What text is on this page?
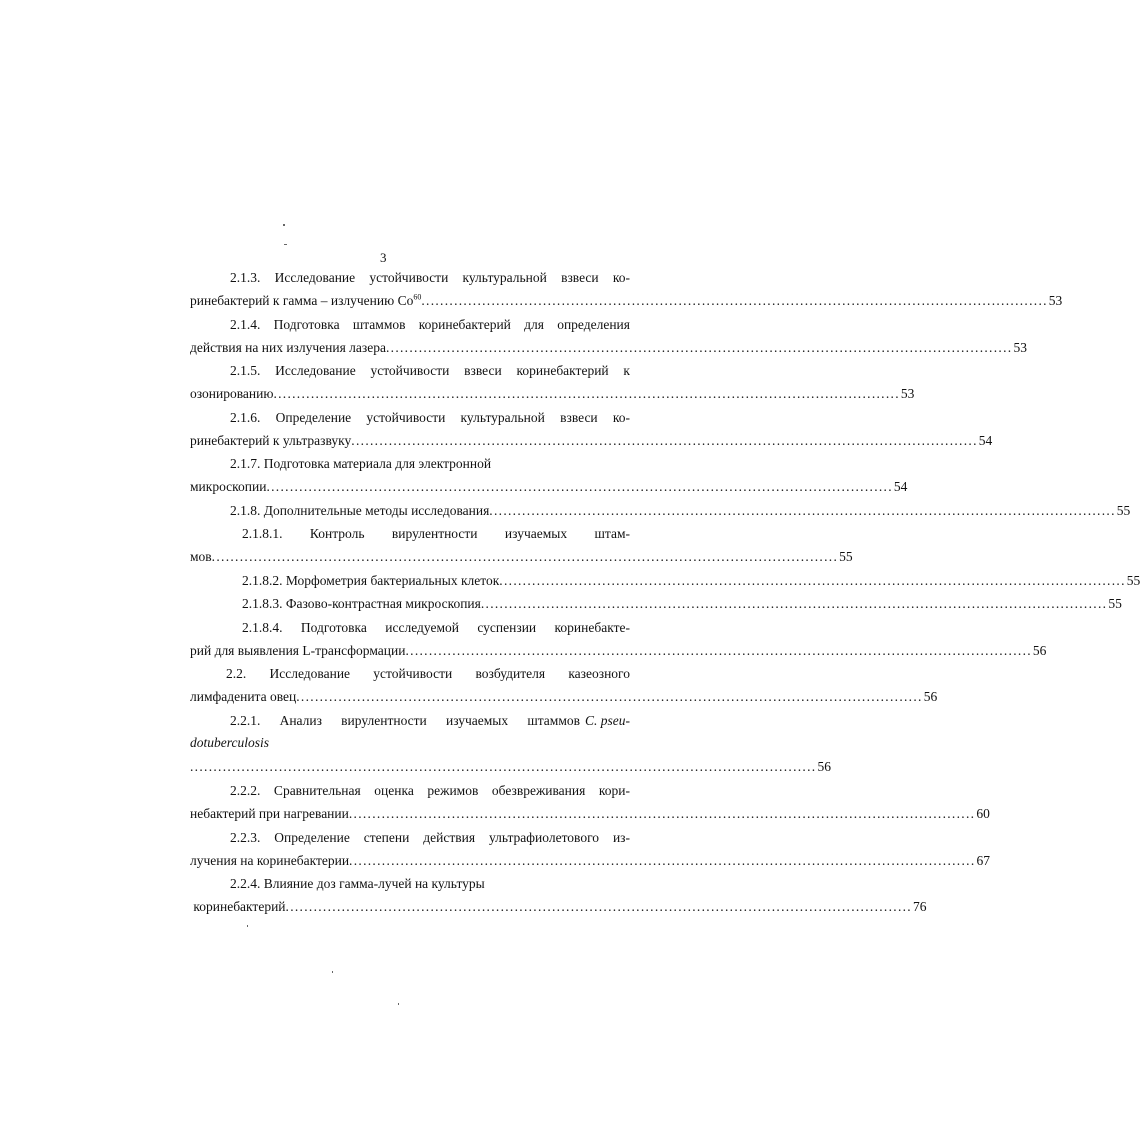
3
2.1.3. Исследование устойчивости культуральной взвеси ко-
ринебактерий к гамма – излучению Co$^{60}$ ...................................................................................................................................... 53
2.1.4. Подготовка штаммов коринебактерий для определения
действия на них излучения лазера ...................................................................................................................................... 53
2.1.5. Исследование устойчивости взвеси коринебактерий к
озонированию ...................................................................................................................................... 53
2.1.6. Определение устойчивости культуральной взвеси ко-
ринебактерий к ультразвуку ...................................................................................................................................... 54
2.1.7. Подготовка материала для электронной
микроскопии ...................................................................................................................................... 54
2.1.8. Дополнительные методы исследования ...................................................................................................................................... 55
2.1.8.1. Контроль вирулентности изучаемых штам-
мов ...................................................................................................................................... 55
2.1.8.2. Морфометрия бактериальных клеток ...................................................................................................................................... 55
2.1.8.3. Фазово-контрастная микроскопия ...................................................................................................................................... 55
2.1.8.4. Подготовка исследуемой суспензии коринебакте-
рий для выявления L-трансформации ...................................................................................................................................... 56
2.2. Исследование устойчивости возбудителя казеозного
лимфаденита овец ...................................................................................................................................... 56
2.2.1. Анализ вирулентности изучаемых штаммов C. pseu-
dotuberculosis
...................................................................................................................................... 56
2.2.2. Сравнительная оценка режимов обезвреживания кори-
небактерий при нагревании ...................................................................................................................................... 60
2.2.3. Определение степени действия ультрафиолетового из-
лучения на коринебактерии ...................................................................................................................................... 67
2.2.4. Влияние доз гамма-лучей на культуры
коринебактерий ...................................................................................................................................... 76
